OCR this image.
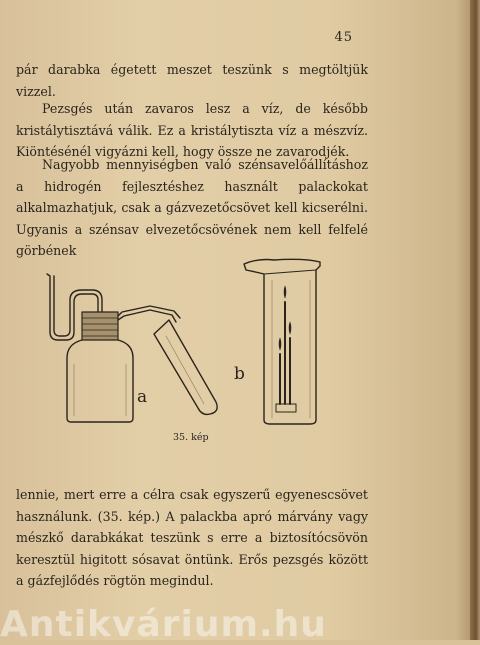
45

pár darabka égetett meszet teszünk s megtöltjük vizzel.

Pezsgés után zavaros lesz a víz, de később kristálytisztává válik. Ez a kristálytiszta víz a mészvíz. Kiöntésénél vigyázni kell, hogy össze ne zavarodjék.

Nagyobb mennyiségben való szénsavelőállításhoz a hidrogén fejlesztéshez használt palackokat alkalmazhatjuk, csak a gázvezetőcsövet kell kicserélni. Ugyanis a szénsav elvezetőcsövének nem kell felfelé görbének

a
b
35. kép

lennie, mert erre a célra csak egyszerű egyenescsövet használunk. (35. kép.) A palackba apró márvány vagy mészkő darabkákat teszünk s erre a biztosítócsövön keresztül higitott sósavat öntünk. Erős pezsgés között a gázfejlődés rögtön megindul.

Antikvárium.hu
